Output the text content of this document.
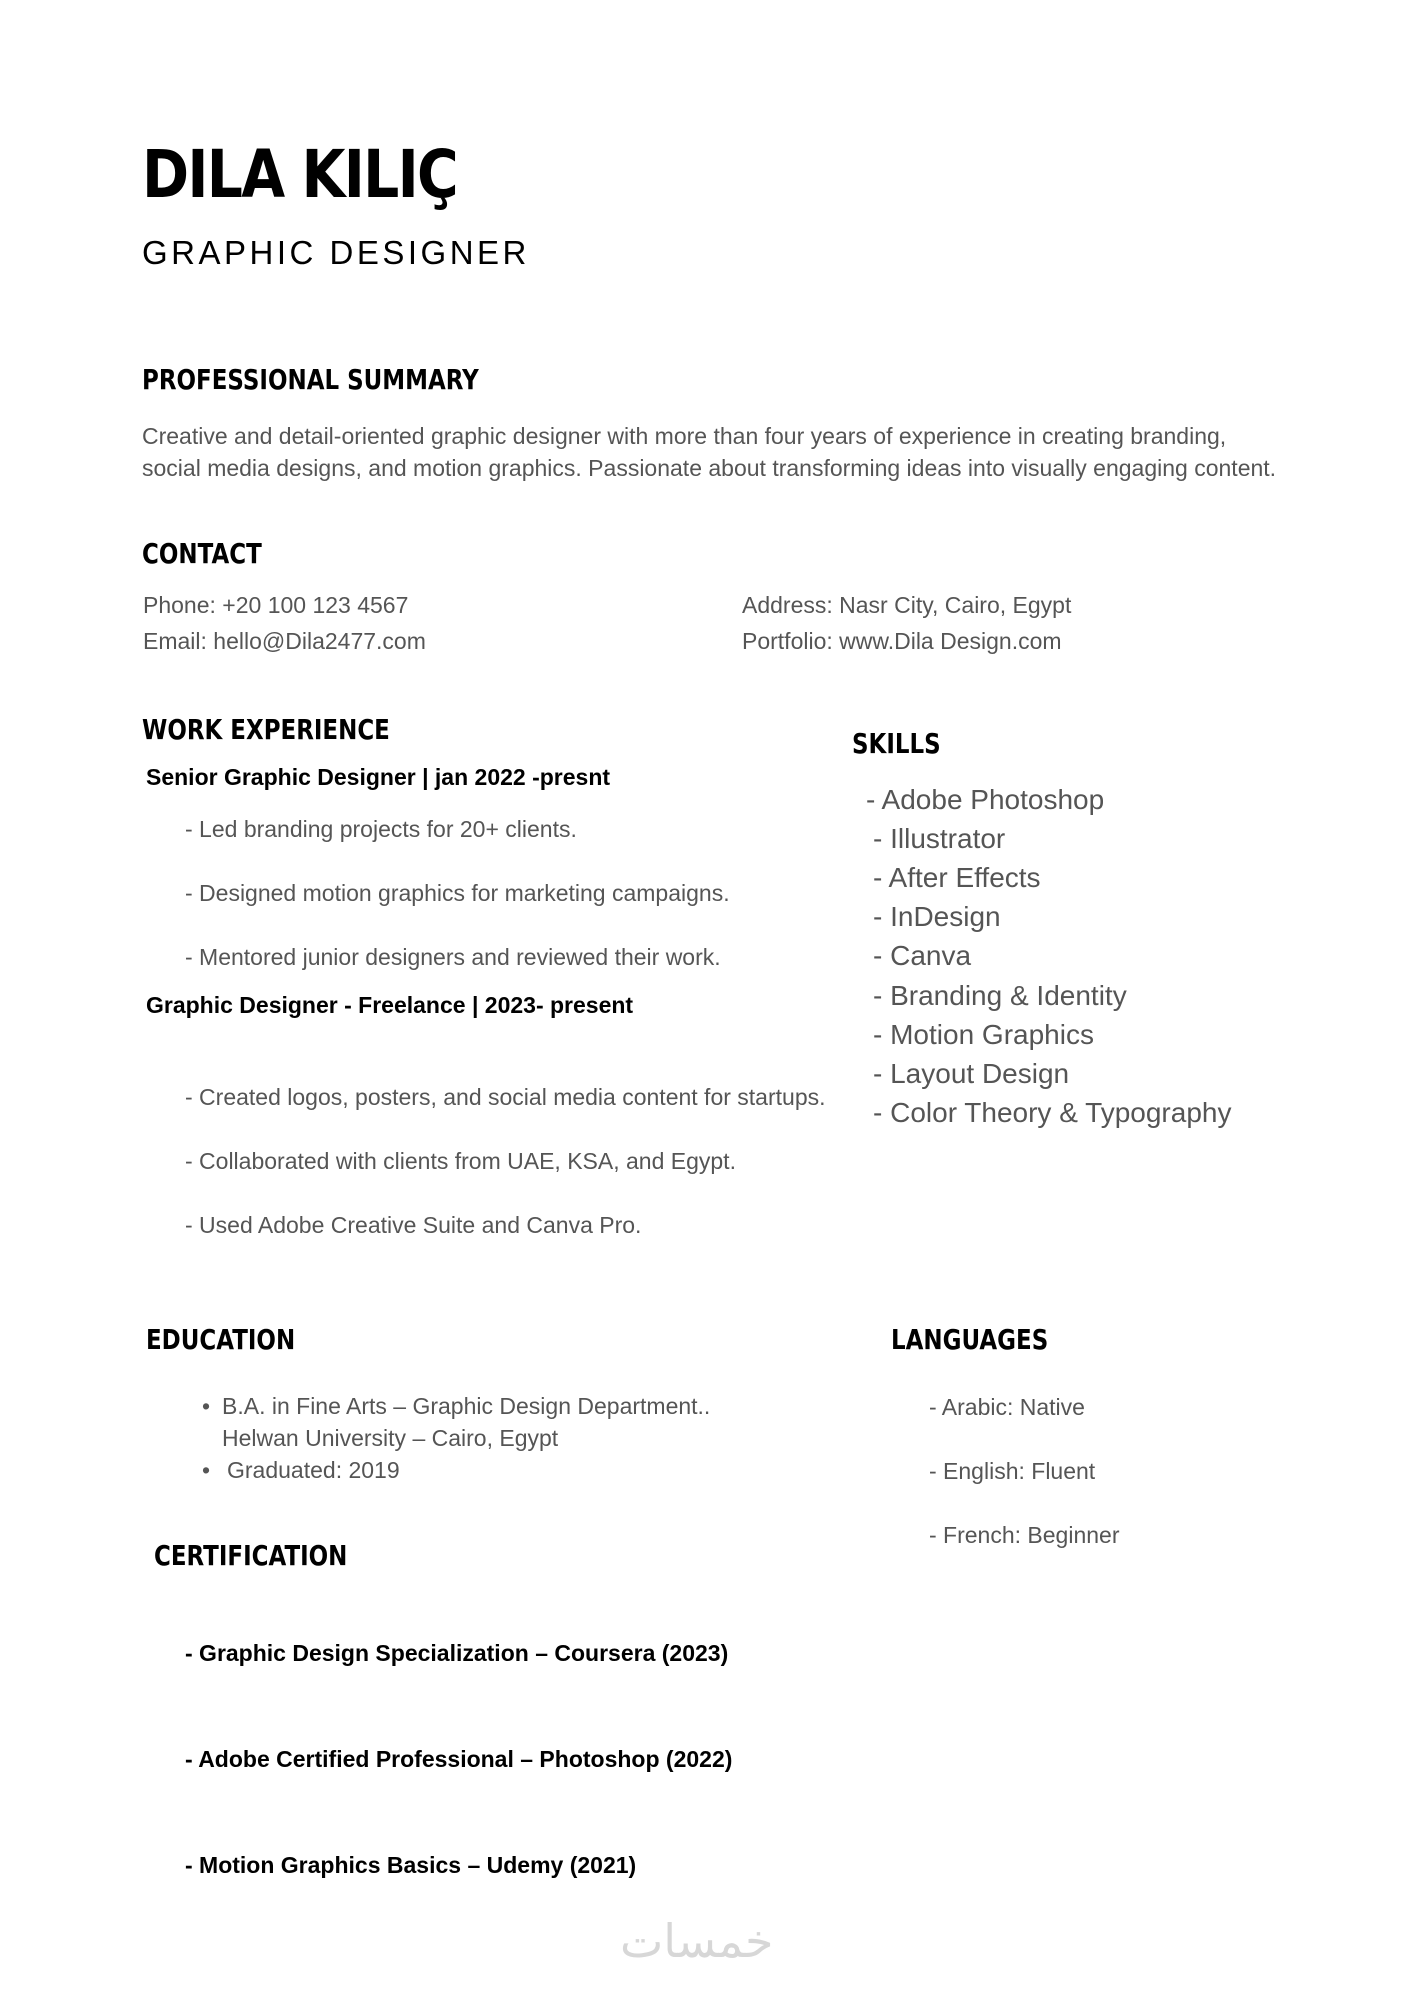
DILA KILIÇ
GRAPHIC DESIGNER
PROFESSIONAL SUMMARY
Creative and detail-oriented graphic designer with more than four years of experience in creating branding, social media designs, and motion graphics. Passionate about transforming ideas into visually engaging content.
CONTACT
Phone: +20 100 123 4567
Email: hello@Dila2477.com
Address: Nasr City, Cairo, Egypt
Portfolio: www.Dila Design.com
WORK EXPERIENCE
Senior Graphic Designer | jan 2022 -presnt
- Led branding projects for 20+ clients.
- Designed motion graphics for marketing campaigns.
- Mentored junior designers and reviewed their work.
Graphic Designer - Freelance | 2023- present
- Created logos, posters, and social media content for startups.
- Collaborated with clients from UAE, KSA, and Egypt.
- Used Adobe Creative Suite and Canva Pro.
SKILLS
- Adobe Photoshop
- Illustrator
- After Effects
- InDesign
- Canva
- Branding & Identity
- Motion Graphics
- Layout Design
- Color Theory & Typography
EDUCATION
• B.A. in Fine Arts – Graphic Design Department.. Helwan University – Cairo, Egypt
• Graduated: 2019
LANGUAGES
- Arabic: Native
- English: Fluent
- French: Beginner
CERTIFICATION
- Graphic Design Specialization – Coursera (2023)
- Adobe Certified Professional – Photoshop (2022)
- Motion Graphics Basics – Udemy (2021)
خمسات
